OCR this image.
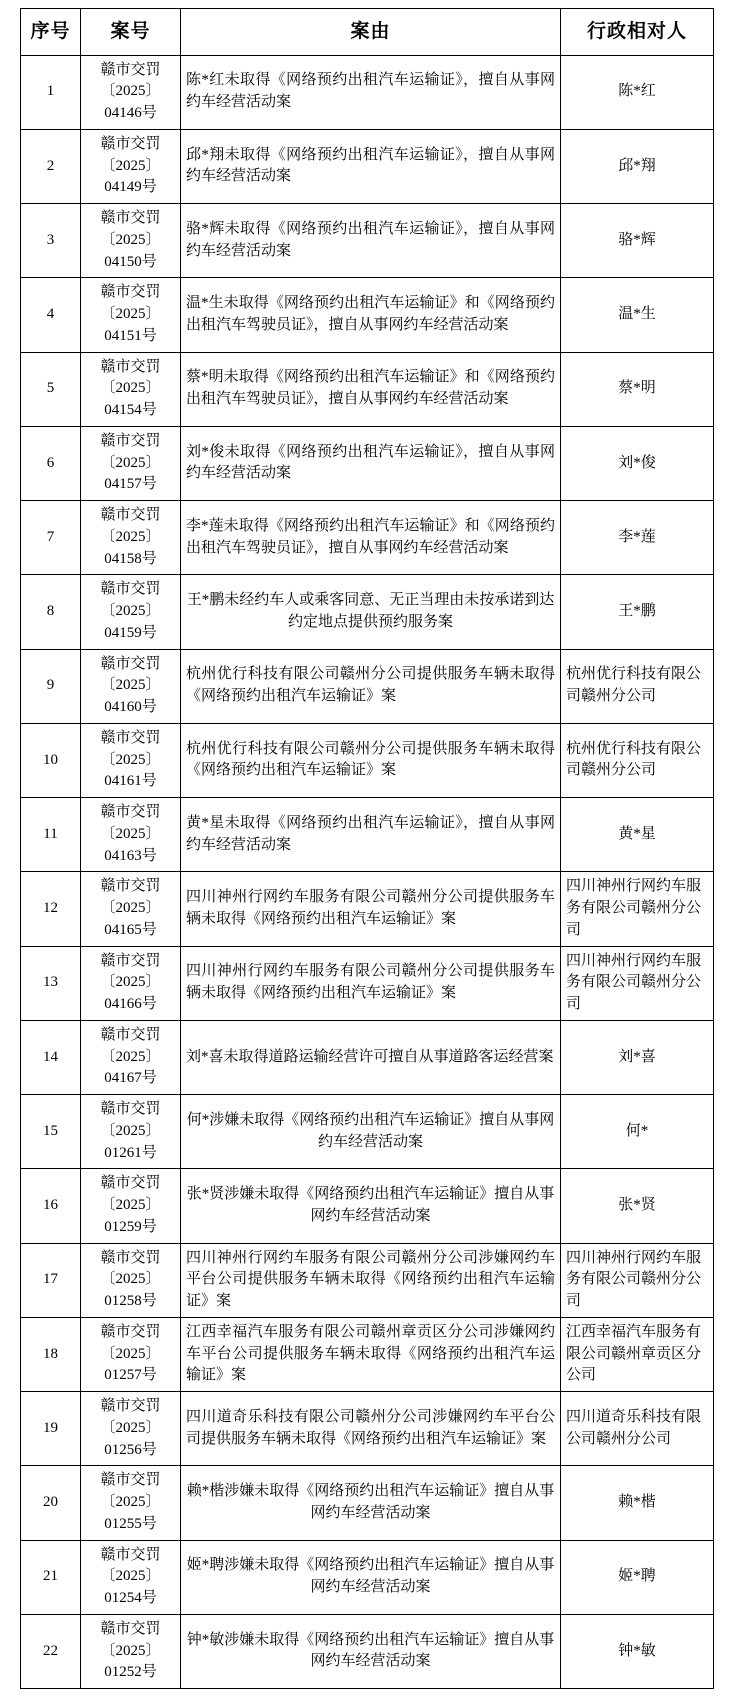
序号	案号	案由	行政相对人
1	赣市交罚
〔2025〕
04146号	陈*红未取得《网络预约出租汽车运输证》，擅自从事网约车经营活动案	陈*红
2	赣市交罚
〔2025〕
04149号	邱*翔未取得《网络预约出租汽车运输证》，擅自从事网约车经营活动案	邱*翔
3	赣市交罚
〔2025〕
04150号	骆*辉未取得《网络预约出租汽车运输证》，擅自从事网约车经营活动案	骆*辉
4	赣市交罚
〔2025〕
04151号	温*生未取得《网络预约出租汽车运输证》和《网络预约出租汽车驾驶员证》，擅自从事网约车经营活动案	温*生
5	赣市交罚
〔2025〕
04154号	蔡*明未取得《网络预约出租汽车运输证》和《网络预约出租汽车驾驶员证》，擅自从事网约车经营活动案	蔡*明
6	赣市交罚
〔2025〕
04157号	刘*俊未取得《网络预约出租汽车运输证》，擅自从事网约车经营活动案	刘*俊
7	赣市交罚
〔2025〕
04158号	李*莲未取得《网络预约出租汽车运输证》和《网络预约出租汽车驾驶员证》，擅自从事网约车经营活动案	李*莲
8	赣市交罚
〔2025〕
04159号	王*鹏未经约车人或乘客同意、无正当理由未按承诺到达约定地点提供预约服务案	王*鹏
9	赣市交罚
〔2025〕
04160号	杭州优行科技有限公司赣州分公司提供服务车辆未取得《网络预约出租汽车运输证》案	杭州优行科技有限公司赣州分公司
10	赣市交罚
〔2025〕
04161号	杭州优行科技有限公司赣州分公司提供服务车辆未取得《网络预约出租汽车运输证》案	杭州优行科技有限公司赣州分公司
11	赣市交罚
〔2025〕
04163号	黄*星未取得《网络预约出租汽车运输证》，擅自从事网约车经营活动案	黄*星
12	赣市交罚
〔2025〕
04165号	四川神州行网约车服务有限公司赣州分公司提供服务车辆未取得《网络预约出租汽车运输证》案	四川神州行网约车服务有限公司赣州分公司
13	赣市交罚
〔2025〕
04166号	四川神州行网约车服务有限公司赣州分公司提供服务车辆未取得《网络预约出租汽车运输证》案	四川神州行网约车服务有限公司赣州分公司
14	赣市交罚
〔2025〕
04167号	刘*喜未取得道路运输经营许可擅自从事道路客运经营案	刘*喜
15	赣市交罚
〔2025〕
01261号	何*涉嫌未取得《网络预约出租汽车运输证》擅自从事网约车经营活动案	何*
16	赣市交罚
〔2025〕
01259号	张*贤涉嫌未取得《网络预约出租汽车运输证》擅自从事网约车经营活动案	张*贤
17	赣市交罚
〔2025〕
01258号	四川神州行网约车服务有限公司赣州分公司涉嫌网约车平台公司提供服务车辆未取得《网络预约出租汽车运输证》案	四川神州行网约车服务有限公司赣州分公司
18	赣市交罚
〔2025〕
01257号	江西幸福汽车服务有限公司赣州章贡区分公司涉嫌网约车平台公司提供服务车辆未取得《网络预约出租汽车运输证》案	江西幸福汽车服务有限公司赣州章贡区分公司
19	赣市交罚
〔2025〕
01256号	四川道奇乐科技有限公司赣州分公司涉嫌网约车平台公司提供服务车辆未取得《网络预约出租汽车运输证》案	四川道奇乐科技有限公司赣州分公司
20	赣市交罚
〔2025〕
01255号	赖*楷涉嫌未取得《网络预约出租汽车运输证》擅自从事网约车经营活动案	赖*楷
21	赣市交罚
〔2025〕
01254号	姬*聘涉嫌未取得《网络预约出租汽车运输证》擅自从事网约车经营活动案	姬*聘
22	赣市交罚
〔2025〕
01252号	钟*敏涉嫌未取得《网络预约出租汽车运输证》擅自从事网约车经营活动案	钟*敏
